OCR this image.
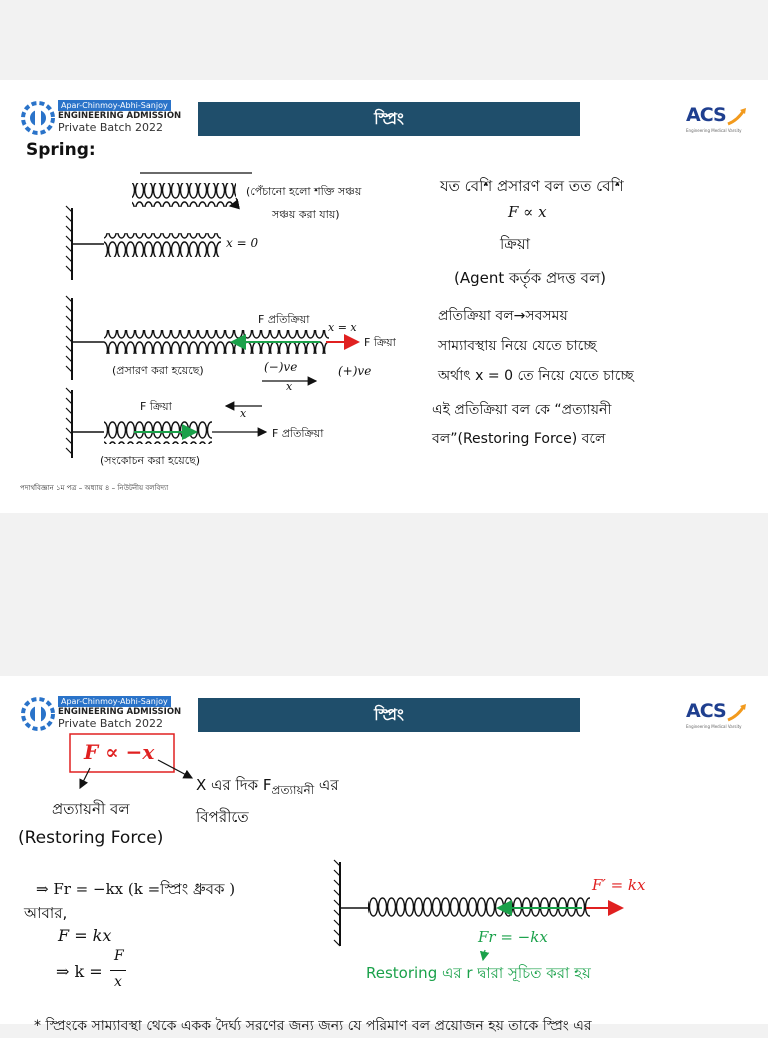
Apar-Chinmoy-Abhi-Sanjoy
ENGINEERING ADMISSION
Private Batch 2022	স্প্রিং	ACS
Engineering Medical Varsity
Spring:
(পেঁচানো হলো শক্তি সঞ্চয়
সঞ্চয় করা যায়)
x = 0
F প্রতিক্রিয়া
x = x
F ক্রিয়া
(প্রসারণ করা হয়েছে)	(−)ve	(+)ve
x
F ক্রিয়া
x
F প্রতিক্রিয়া
(সংকোচন করা হয়েছে)
যত বেশি প্রসারণ বল তত বেশি
F ∝ x
ক্রিয়া
(Agent কর্তৃক প্রদত্ত বল)
প্রতিক্রিয়া বল→সবসময়
সাম্যাবস্থায় নিয়ে যেতে চাচ্ছে
অর্থাৎ x = 0 তে নিয়ে যেতে চাচ্ছে
এই প্রতিক্রিয়া বল কে “প্রত্যায়নী
বল”(Restoring Force) বলে
পদার্থবিজ্ঞান ১ম পত্র – অধ্যায় ৪ – নিউটনীয় বলবিদ্যা
Apar-Chinmoy-Abhi-Sanjoy
ENGINEERING ADMISSION
Private Batch 2022	স্প্রিং	ACS
Engineering Medical Varsity
F ∝ −x
X এর দিক $F_{প্রত্যায়নী}$ এর
বিপরীতে
প্রত্যায়নী বল
(Restoring Force)
⇒ Fr = −kx (k =স্প্রিং ধ্রুবক )
আবার,
F = kx
⇒ k =
F
x
F′ = kx
Fr = −kx
Restoring এর r দ্বারা সূচিত করা হয়
* স্প্রিংকে সাম্যাবস্থা থেকে একক দৈর্ঘ্য সরণের জন্য জন্য যে পরিমাণ বল প্রয়োজন হয় তাকে স্প্রিং এর
